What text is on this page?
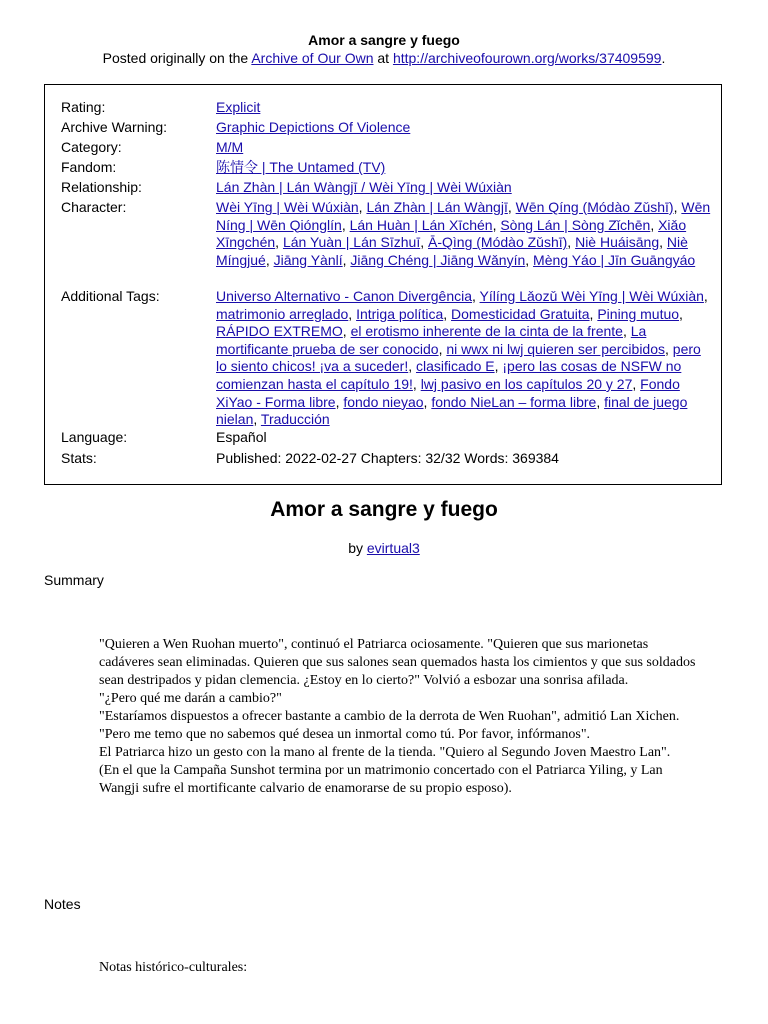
Amor a sangre y fuego
Posted originally on the Archive of Our Own at http://archiveofourown.org/works/37409599.
Rating:	Explicit
Archive Warning:	Graphic Depictions Of Violence
Category:	M/M
Fandom:	陈情令 | The Untamed (TV)
Relationship:	Lán Zhàn | Lán Wàngjī / Wèi Yīng | Wèi Wúxiàn
Character:	Wèi Yīng | Wèi Wúxiàn, Lán Zhàn | Lán Wàngjī, Wēn Qíng (Módào Zǔshī), Wēn Níng | Wēn Qiónglín, Lán Huàn | Lán Xīchén, Sòng Lán | Sòng Zǐchēn, Xiǎo Xīngchén, Lán Yuàn | Lán Sīzhuī, Ā-Qìng (Módào Zǔshī), Niè Huáisāng, Niè Míngjué, Jiāng Yànlí, Jiāng Chéng | Jiāng Wǎnyín, Mèng Yáo | Jīn Guāngyáo
Additional Tags:	Universo Alternativo - Canon Divergência, Yílíng Lǎozǔ Wèi Yīng | Wèi Wúxiàn, matrimonio arreglado, Intriga política, Domesticidad Gratuita, Pining mutuo, RÁPIDO EXTREMO, el erotismo inherente de la cinta de la frente, La mortificante prueba de ser conocido, ni wwx ni lwj quieren ser percibidos, pero lo siento chicos! ¡va a suceder!, clasificado E, ¡pero las cosas de NSFW no comienzan hasta el capítulo 19!, lwj pasivo en los capítulos 20 y 27, Fondo XiYao - Forma libre, fondo nieyao, fondo NieLan – forma libre, final de juego nielan, Traducción
Language:	Español
Stats:	Published: 2022-02-27 Chapters: 32/32 Words: 369384
Amor a sangre y fuego
by evirtual3
Summary

"Quieren a Wen Ruohan muerto", continuó el Patriarca ociosamente. "Quieren que sus marionetas cadáveres sean eliminadas. Quieren que sus salones sean quemados hasta los cimientos y que sus soldados sean destripados y pidan clemencia. ¿Estoy en lo cierto?" Volvió a esbozar una sonrisa afilada.

"¿Pero qué me darán a cambio?"

"Estaríamos dispuestos a ofrecer bastante a cambio de la derrota de Wen Ruohan", admitió Lan Xichen. "Pero me temo que no sabemos qué desea un inmortal como tú. Por favor, infórmanos".

El Patriarca hizo un gesto con la mano al frente de la tienda. "Quiero al Segundo Joven Maestro Lan".

(En el que la Campaña Sunshot termina por un matrimonio concertado con el Patriarca Yiling, y Lan Wangji sufre el mortificante calvario de enamorarse de su propio esposo).

Notes
Notas histórico-culturales:
